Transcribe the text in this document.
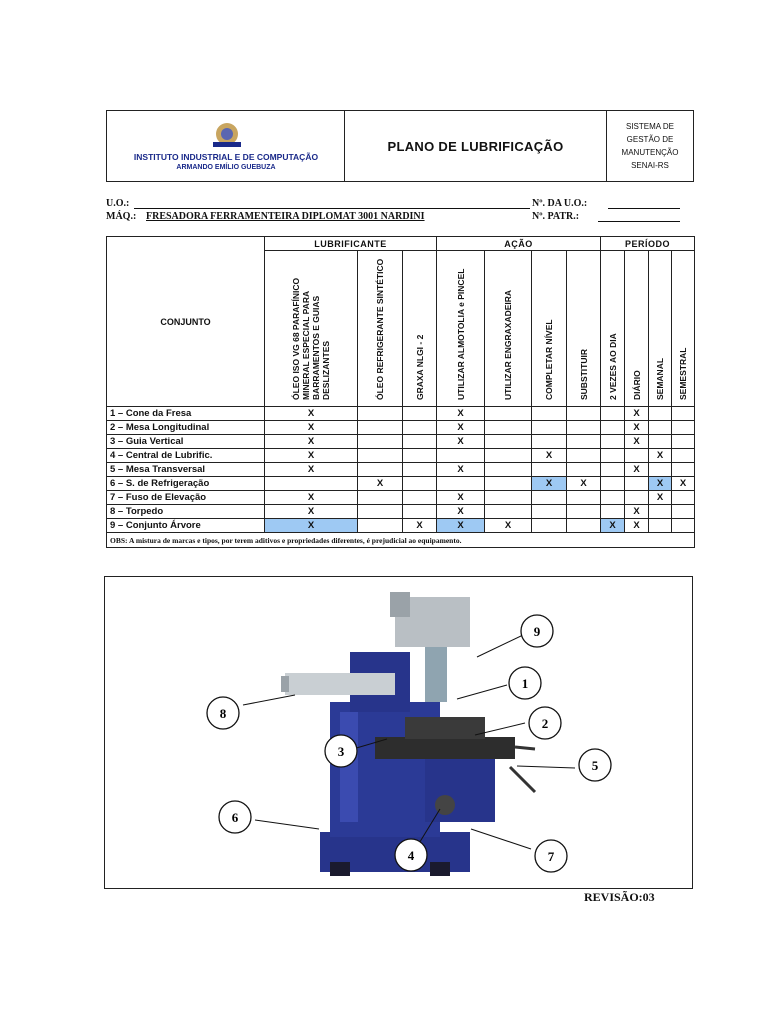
INSTITUTO INDUSTRIAL E DE COMPUTAÇÃO
ARMANDO EMÍLIO GUEBUZA
PLANO DE LUBRIFICAÇÃO
SISTEMA DE
GESTÃO DE
MANUTENÇÃO
SENAI-RS
U.O.:	Nº. DA U.O.:
MÁQ.: FRESADORA FERRAMENTEIRA DIPLOMAT 3001 NARDINI	Nº. PATR.:
CONJUNTO	LUBRIFICANTE			AÇÃO				PERÍODO			

	ÓLEO ISO VG 68 PARAFÍNICO MINERAL ESPECIAL PARA BARRAMENTOS E GUIAS DESLIZANTES	ÓLEO REFRIGERANTE SINTÉTICO	GRAXA NLGI - 2	UTILIZAR ALMOTOLIA e PINCEL	UTILIZAR ENGRAXADEIRA	COMPLETAR NÍVEL	SUBSTITUIR	2 VEZES AO DIA	DIÁRIO	SEMANAL	SEMESTRAL

1 – Cone da Fresa	X			X					X		
2 – Mesa Longitudinal	X			X					X		
3 – Guia Vertical	X			X					X		
4 – Central de Lubrific.	X					X				X	
5 – Mesa Transversal	X			X					X		
6 – S. de Refrigeração		X				X	X			X	X
7 – Fuso de Elevação	X			X						X	
8 – Torpedo	X			X					X		
9 – Conjunto Árvore	X		X	X	X			X	X		
OBS: A mistura de marcas e tipos, por terem aditivos e propriedades diferentes, é prejudicial ao equipamento.											
1
2
3
4
5
6
7
8
9
REVISÃO:03
